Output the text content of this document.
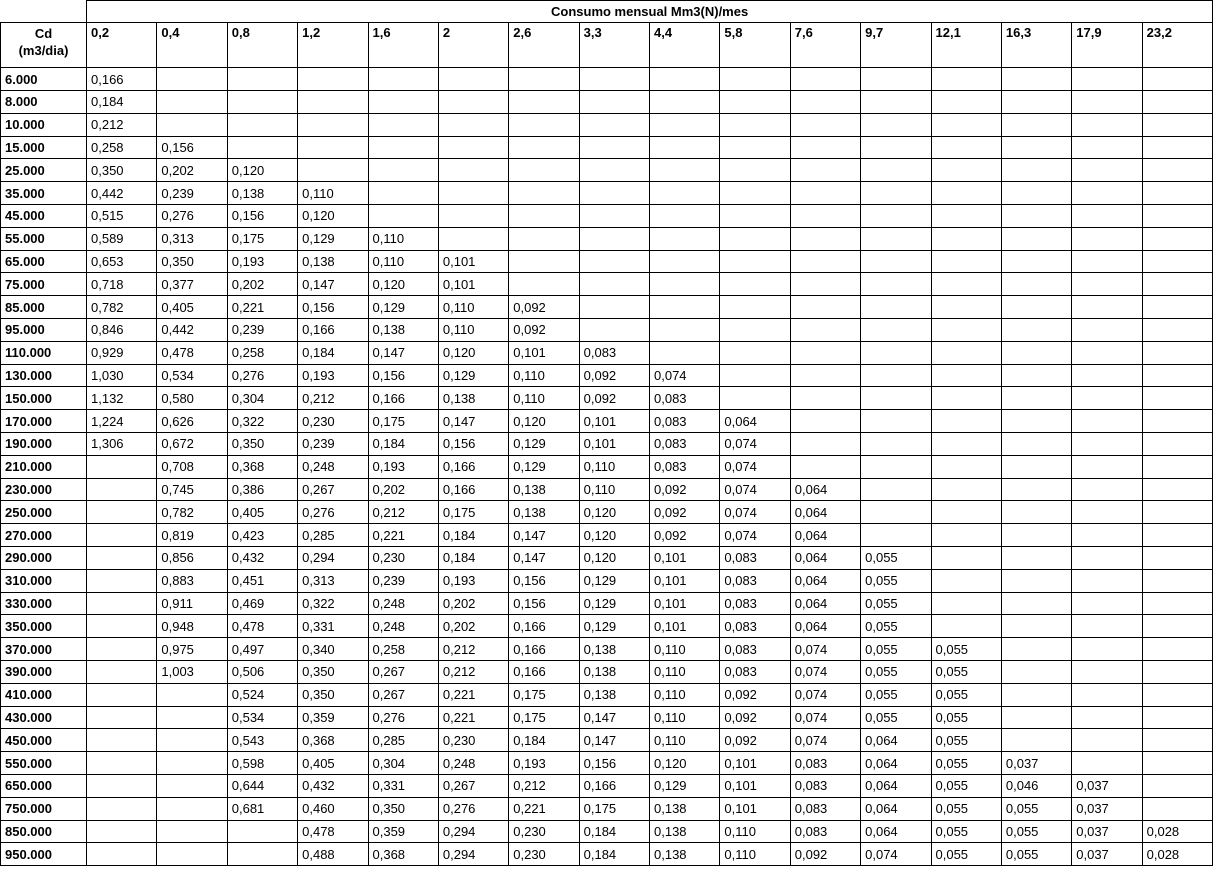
	Consumo mensual Mm3(N)/mes															
Cd
(m3/dia)	0,2	0,4	0,8	1,2	1,6	2	2,6	3,3	4,4	5,8	7,6	9,7	12,1	16,3	17,9	23,2
6.000	0,166															
8.000	0,184															
10.000	0,212															
15.000	0,258	0,156														
25.000	0,350	0,202	0,120													
35.000	0,442	0,239	0,138	0,110												
45.000	0,515	0,276	0,156	0,120												
55.000	0,589	0,313	0,175	0,129	0,110											
65.000	0,653	0,350	0,193	0,138	0,110	0,101										
75.000	0,718	0,377	0,202	0,147	0,120	0,101										
85.000	0,782	0,405	0,221	0,156	0,129	0,110	0,092									
95.000	0,846	0,442	0,239	0,166	0,138	0,110	0,092									
110.000	0,929	0,478	0,258	0,184	0,147	0,120	0,101	0,083								
130.000	1,030	0,534	0,276	0,193	0,156	0,129	0,110	0,092	0,074							
150.000	1,132	0,580	0,304	0,212	0,166	0,138	0,110	0,092	0,083							
170.000	1,224	0,626	0,322	0,230	0,175	0,147	0,120	0,101	0,083	0,064						
190.000	1,306	0,672	0,350	0,239	0,184	0,156	0,129	0,101	0,083	0,074						
210.000		0,708	0,368	0,248	0,193	0,166	0,129	0,110	0,083	0,074						
230.000		0,745	0,386	0,267	0,202	0,166	0,138	0,110	0,092	0,074	0,064					
250.000		0,782	0,405	0,276	0,212	0,175	0,138	0,120	0,092	0,074	0,064					
270.000		0,819	0,423	0,285	0,221	0,184	0,147	0,120	0,092	0,074	0,064					
290.000		0,856	0,432	0,294	0,230	0,184	0,147	0,120	0,101	0,083	0,064	0,055				
310.000		0,883	0,451	0,313	0,239	0,193	0,156	0,129	0,101	0,083	0,064	0,055				
330.000		0,911	0,469	0,322	0,248	0,202	0,156	0,129	0,101	0,083	0,064	0,055				
350.000		0,948	0,478	0,331	0,248	0,202	0,166	0,129	0,101	0,083	0,064	0,055				
370.000		0,975	0,497	0,340	0,258	0,212	0,166	0,138	0,110	0,083	0,074	0,055	0,055			
390.000		1,003	0,506	0,350	0,267	0,212	0,166	0,138	0,110	0,083	0,074	0,055	0,055			
410.000			0,524	0,350	0,267	0,221	0,175	0,138	0,110	0,092	0,074	0,055	0,055			
430.000			0,534	0,359	0,276	0,221	0,175	0,147	0,110	0,092	0,074	0,055	0,055			
450.000			0,543	0,368	0,285	0,230	0,184	0,147	0,110	0,092	0,074	0,064	0,055			
550.000			0,598	0,405	0,304	0,248	0,193	0,156	0,120	0,101	0,083	0,064	0,055	0,037		
650.000			0,644	0,432	0,331	0,267	0,212	0,166	0,129	0,101	0,083	0,064	0,055	0,046	0,037	
750.000			0,681	0,460	0,350	0,276	0,221	0,175	0,138	0,101	0,083	0,064	0,055	0,055	0,037	
850.000				0,478	0,359	0,294	0,230	0,184	0,138	0,110	0,083	0,064	0,055	0,055	0,037	0,028
950.000				0,488	0,368	0,294	0,230	0,184	0,138	0,110	0,092	0,074	0,055	0,055	0,037	0,028
